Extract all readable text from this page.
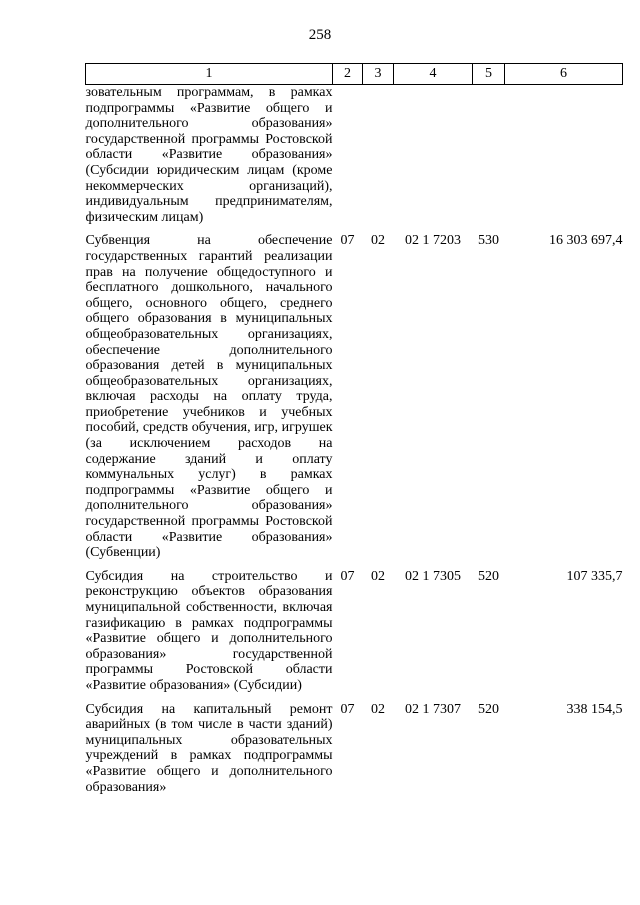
258
1	2	3	4	5	6
зовательным программам, в рамках подпрограммы «Развитие общего и дополнительного образования» государственной программы Ростовской области «Развитие образования» (Субсидии юридическим лицам (кроме некоммерческих организаций), индивидуальным предпринимателям, физическим лицам)					
Субвенция на обеспечение государственных гарантий реализации прав на получение общедоступного и бесплатного дошкольного, начального общего, основного общего, среднего общего образования в муниципальных общеобразовательных организациях, обеспечение дополнительного образования детей в муниципальных общеобразовательных организациях, включая расходы на оплату труда, приобретение учебников и учебных пособий, средств обучения, игр, игрушек (за исключением расходов на содержание зданий и оплату коммунальных услуг) в рамках подпрограммы «Развитие общего и дополнительного образования» государственной программы Ростовской области «Развитие образования» (Субвенции)	07	02	02 1 7203	530	16 303 697,4
Субсидия на строительство и реконструкцию объектов образования муниципальной собственности, включая газификацию в рамках подпрограммы «Развитие общего и дополнительного образования» государственной программы Ростовской области «Развитие образования» (Субсидии)	07	02	02 1 7305	520	107 335,7
Субсидия на капитальный ремонт аварийных (в том числе в части зданий) муниципальных образовательных учреждений в рамках подпрограммы «Развитие общего и дополнительного образования»	07	02	02 1 7307	520	338 154,5
